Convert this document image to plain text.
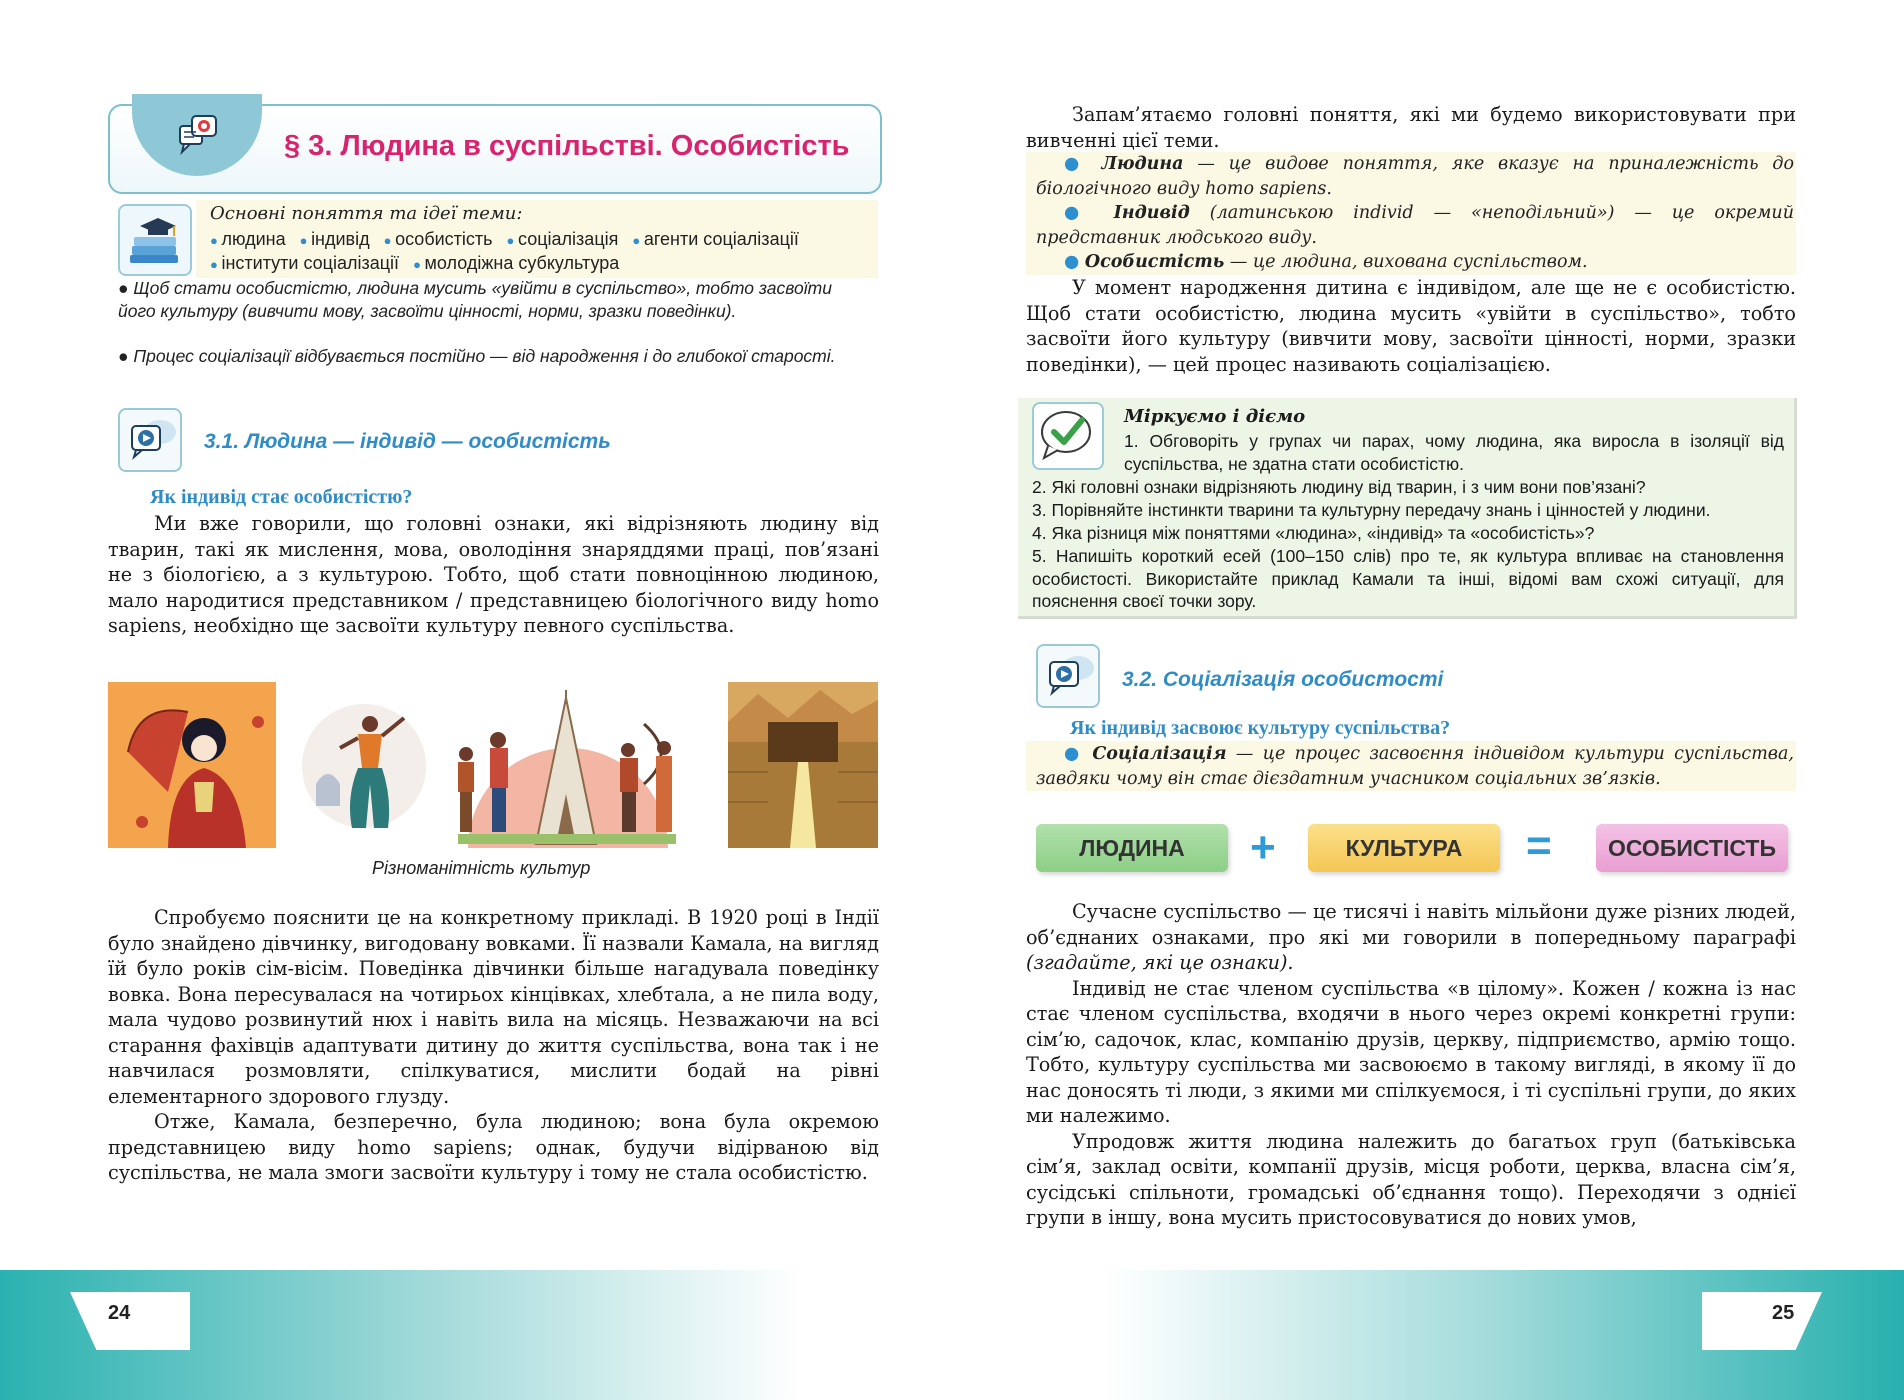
24	25
§ 3. Людина в суспільстві. Особистість
Основні поняття та ідеї теми:
● людина ● індивід ● особистість ● соціалізація ● агенти соціалізації
● інститути соціалізації ● молодіжна субкультура
● Щоб стати особистістю, людина мусить «увійти в суспільство», тобто засвоїти його культуру (вивчити мову, засвоїти цінності, норми, зразки поведінки).
● Процес соціалізації відбувається постійно — від народження і до глибокої старості.
3.1. Людина — індивід — особистість
Як індивід стає особистістю?

Ми вже говорили, що головні ознаки, які відрізняють людину від тварин, такі як мислення, мова, оволодіння знаряддями праці, пов’язані не з біологією, а з культурою. Тобто, щоб стати повноцінною людиною, мало народитися представником / представницею біологічного виду homo sapiens, необхідно ще засвоїти культуру певного суспільства.

Різноманітність культур

Спробуємо пояснити це на конкретному прикладі. В 1920 році в Індії було знайдено дівчинку, вигодовану вовками. Її назвали Камала, на вигляд їй було років сім-вісім. Поведінка дівчинки більше нагадувала поведінку вовка. Вона пересувалася на чотирьох кінцівках, хлебтала, а не пила воду, мала чудово розвинутий нюх і навіть вила на місяць. Незважаючи на всі старання фахівців адаптувати дитину до життя суспільства, вона так і не навчилася розмовляти, спілкуватися, мислити бодай на рівні елементарного здорового глузду.

Отже, Камала, безперечно, була людиною; вона була окремою представницею виду homo sapiens; однак, будучи відірваною від суспільства, не мала змоги засвоїти культуру і тому не стала особистістю.

Запам’ятаємо головні поняття, які ми будемо використовувати при вивченні цієї теми.

● Людина — це видове поняття, яке вказує на приналежність до біологічного виду homo sapiens.
● Індивід (латинською individ — «неподільний») — це окремий представник людського виду.
● Особистість — це людина, вихована суспільством.

У момент народження дитина є індивідом, але ще не є особистістю. Щоб стати особистістю, людина мусить «увійти в суспільство», тобто засвоїти його культуру (вивчити мову, засвоїти цінності, норми, зразки поведінки), — цей процес називають соціалізацією.

Міркуємо і діємо
1. Обговоріть у групах чи парах, чому людина, яка виросла в ізоляції від суспільства, не здатна стати особистістю.
2. Які головні ознаки відрізняють людину від тварин, і з чим вони пов’язані?
3. Порівняйте інстинкти тварини та культурну передачу знань і цінностей у людини.
4. Яка різниця між поняттями «людина», «індивід» та «особистість»?
5. Напишіть короткий есей (100–150 слів) про те, як культура впливає на становлення особистості. Використайте приклад Камали та інші, відомі вам схожі ситуації, для пояснення своєї точки зору.
3.2. Соціалізація особистості
Як індивід засвоює культуру суспільства?
● Соціалізація — це процес засвоєння індивідом культури суспільства, завдяки чому він стає дієздатним учасником соціальних зв’язків.
ЛЮДИНА	+	КУЛЬТУРА	=	ОСОБИСТІСТЬ

Сучасне суспільство — це тисячі і навіть мільйони дуже різних людей, об’єднаних ознаками, про які ми говорили в попередньому параграфі (згадайте, які це ознаки).

Індивід не стає членом суспільства «в цілому». Кожен / кожна із нас стає членом суспільства, входячи в нього через окремі конкретні групи: сім’ю, садочок, клас, компанію друзів, церкву, підприємство, армію тощо. Тобто, культуру суспільства ми засвоюємо в такому вигляді, в якому її до нас доносять ті люди, з якими ми спілкуємося, і ті суспільні групи, до яких ми належимо.

Упродовж життя людина належить до багатьох груп (батьківська сім’я, заклад освіти, компанії друзів, місця роботи, церква, власна сім’я, сусідські спільноти, громадські об’єднання тощо). Переходячи з однієї групи в іншу, вона мусить пристосовуватися до нових умов,
